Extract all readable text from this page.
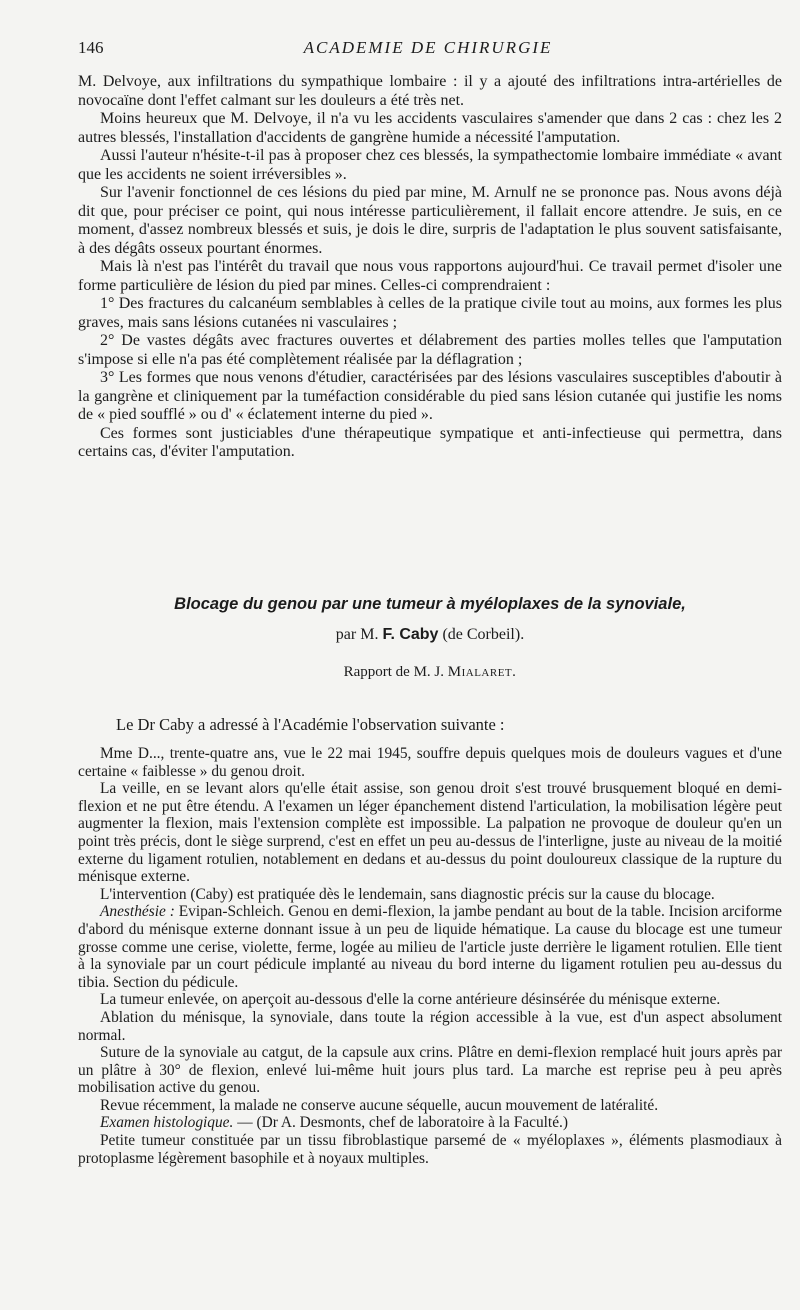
146	ACADEMIE DE CHIRURGIE

M. Delvoye, aux infiltrations du sympathique lombaire : il y a ajouté des infiltrations intra-artérielles de novocaïne dont l'effet calmant sur les douleurs a été très net.

Moins heureux que M. Delvoye, il n'a vu les accidents vasculaires s'amender que dans 2 cas : chez les 2 autres blessés, l'installation d'accidents de gangrène humide a nécessité l'amputation.

Aussi l'auteur n'hésite-t-il pas à proposer chez ces blessés, la sympathectomie lombaire immédiate « avant que les accidents ne soient irréversibles ».

Sur l'avenir fonctionnel de ces lésions du pied par mine, M. Arnulf ne se prononce pas. Nous avons déjà dit que, pour préciser ce point, qui nous intéresse particulièrement, il fallait encore attendre. Je suis, en ce moment, d'assez nombreux blessés et suis, je dois le dire, surpris de l'adaptation le plus souvent satisfaisante, à des dégâts osseux pourtant énormes.

Mais là n'est pas l'intérêt du travail que nous vous rapportons aujourd'hui. Ce travail permet d'isoler une forme particulière de lésion du pied par mines. Celles-ci comprendraient :

1° Des fractures du calcanéum semblables à celles de la pratique civile tout au moins, aux formes les plus graves, mais sans lésions cutanées ni vasculaires ;

2° De vastes dégâts avec fractures ouvertes et délabrement des parties molles telles que l'amputation s'impose si elle n'a pas été complètement réalisée par la déflagration ;

3° Les formes que nous venons d'étudier, caractérisées par des lésions vasculaires susceptibles d'aboutir à la gangrène et cliniquement par la tuméfaction considérable du pied sans lésion cutanée qui justifie les noms de « pied soufflé » ou d' « éclatement interne du pied ».

Ces formes sont justiciables d'une thérapeutique sympatique et anti-infectieuse qui permettra, dans certains cas, d'éviter l'amputation.

Blocage du genou par une tumeur à myéloplaxes de la synoviale,
par M. F. Caby (de Corbeil).
Rapport de M. J. Mialaret.
Le Dr Caby a adressé à l'Académie l'observation suivante :

Mme D..., trente-quatre ans, vue le 22 mai 1945, souffre depuis quelques mois de douleurs vagues et d'une certaine « faiblesse » du genou droit.

La veille, en se levant alors qu'elle était assise, son genou droit s'est trouvé brusquement bloqué en demi-flexion et ne put être étendu. A l'examen un léger épanchement distend l'articulation, la mobilisation légère peut augmenter la flexion, mais l'extension complète est impossible. La palpation ne provoque de douleur qu'en un point très précis, dont le siège surprend, c'est en effet un peu au-dessus de l'interligne, juste au niveau de la moitié externe du ligament rotulien, notablement en dedans et au-dessus du point douloureux classique de la rupture du ménisque externe.

L'intervention (Caby) est pratiquée dès le lendemain, sans diagnostic précis sur la cause du blocage.

Anesthésie : Evipan-Schleich. Genou en demi-flexion, la jambe pendant au bout de la table. Incision arciforme d'abord du ménisque externe donnant issue à un peu de liquide hématique. La cause du blocage est une tumeur grosse comme une cerise, violette, ferme, logée au milieu de l'article juste derrière le ligament rotulien. Elle tient à la synoviale par un court pédicule implanté au niveau du bord interne du ligament rotulien peu au-dessus du tibia. Section du pédicule.

La tumeur enlevée, on aperçoit au-dessous d'elle la corne antérieure désinsérée du ménisque externe.

Ablation du ménisque, la synoviale, dans toute la région accessible à la vue, est d'un aspect absolument normal.

Suture de la synoviale au catgut, de la capsule aux crins. Plâtre en demi-flexion remplacé huit jours après par un plâtre à 30° de flexion, enlevé lui-même huit jours plus tard. La marche est reprise peu à peu après mobilisation active du genou.

Revue récemment, la malade ne conserve aucune séquelle, aucun mouvement de latéralité.

Examen histologique. — (Dr A. Desmonts, chef de laboratoire à la Faculté.)

Petite tumeur constituée par un tissu fibroblastique parsemé de « myéloplaxes », éléments plasmodiaux à protoplasme légèrement basophile et à noyaux multiples.
